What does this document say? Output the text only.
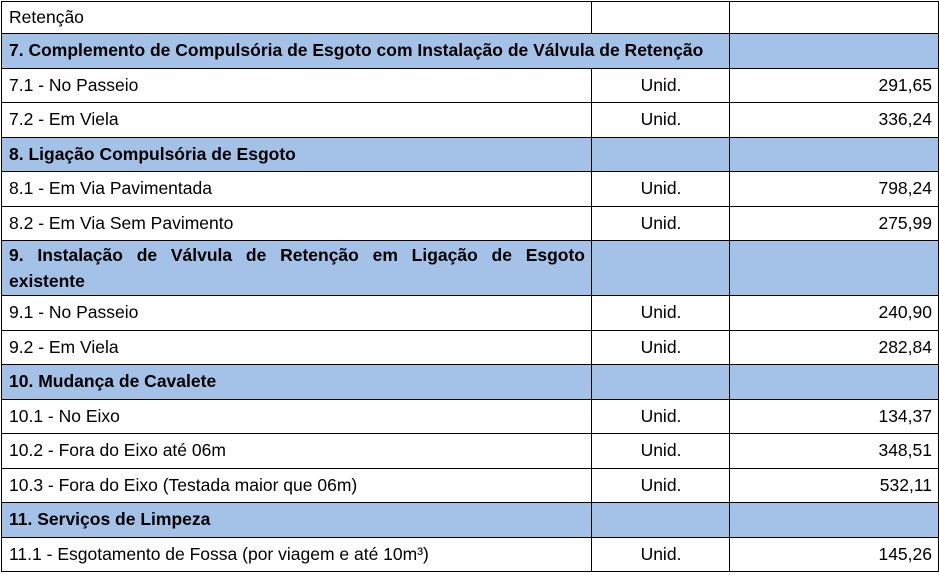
Retenção		
7. Complemento de Compulsória de Esgoto com Instalação de Válvula de Retenção		
7.1 - No Passeio	Unid.	291,65
7.2 - Em Viela	Unid.	336,24
8. Ligação Compulsória de Esgoto		
8.1 - Em Via Pavimentada	Unid.	798,24
8.2 - Em Via Sem Pavimento	Unid.	275,99
9. Instalação de Válvula de Retenção em Ligação de Esgoto existente		
9.1 - No Passeio	Unid.	240,90
9.2 - Em Viela	Unid.	282,84
10. Mudança de Cavalete		
10.1 - No Eixo	Unid.	134,37
10.2 - Fora do Eixo até 06m	Unid.	348,51
10.3 - Fora do Eixo (Testada maior que 06m)	Unid.	532,11
11. Serviços de Limpeza		
11.1 - Esgotamento de Fossa (por viagem e até 10m³)	Unid.	145,26
